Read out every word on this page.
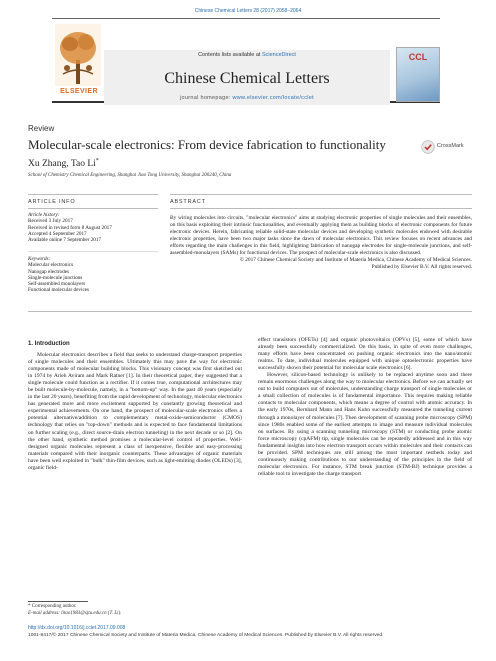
Chinese Chemical Letters 28 (2017) 2058–2064
Contents lists available at ScienceDirect
Chinese Chemical Letters
journal homepage: www.elsevier.com/locate/cclet
ELSEVIER
CCL
Review
Molecular-scale electronics: From device fabrication to functionality	CrossMark
Xu Zhang, Tao Li*
School of Chemistry Chemical Engineering, Shanghai Jiao Tong University, Shanghai 200240, China
ARTICLE INFO	ABSTRACT
Article history:
Received 3 July 2017
Received in revised form 8 August 2017
Accepted 4 September 2017
Available online 7 September 2017
Keywords:
Molecular electronics
Nanogap electrodes
Single-molecule junctions
Self-assembled monolayers
Functional molecular devices
By wiring molecules into circuits, "molecular electronics" aims at studying electronic properties of single molecules and their ensembles, on this basis exploiting their intrinsic functionalities, and eventually applying them as building blocks of electronic components for future electronic devices. Herein, fabricating reliable solid-state molecular devices and developing synthetic molecules endowed with desirable electronic properties, have been two major tasks since the dawn of molecular electronics. This review focuses on recent advances and efforts regarding the main challenges in this field, highlighting fabrication of nanogap electrodes for single-molecule junctions, and self-assembled-monolayers (SAMs) for functional devices. The prospect of molecular-scale electronics is also discussed.
© 2017 Chinese Chemical Society and Institute of Materia Medica, Chinese Academy of Medical Sciences.
Published by Elsevier B.V. All rights reserved.
1. Introduction

Molecular electronics describes a field that seeks to understand charge-transport properties of single molecules and their ensembles. Ultimately this may pave the way for electronic components made of molecular building blocks. This visionary concept was first sketched out in 1974 by Arieh Aviram and Mark Ratner [1]. In their theoretical paper, they suggested that a single molecule could function as a rectifier. If it comes true, computational architectures may be built molecule-by-molecule, namely, in a "bottom-up" way. In the past 40 years (especially in the last 20 years), benefiting from the rapid development of technology, molecular electronics has generated more and more excitement supported by constantly growing theoretical and experimental achievements. On one hand, the prospect of molecular-scale electronics offers a potential alternative/addition to complementary metal-oxide-semiconductor (CMOS) technology that relies on "top-down" methods and is expected to face fundamental limitations on further scaling (e.g., direct source-drain electron tunneling) in the next decade or so [2]. On the other hand, synthetic method promises a molecular-level control of properties. Well-designed organic molecules represent a class of inexpensive, flexible and easy-processing materials compared with their inorganic counterparts. These advantages of organic materials have been well exploited in "bulk" thin-film devices, such as light-emitting diodes (OLEDs) [3], organic field-

effect transistors (OFETs) [4] and organic photovoltaics (OPVs) [5], some of which have already been successfully commercialized. On this basis, in spite of even more challenges, many efforts have been concentrated on pushing organic electronics into the nano/atomic realms. To date, individual molecules equipped with unique optoelectronic properties have successfully shown their potential for molecular scale electronics [6].

However, silicon-based technology is unlikely to be replaced anytime soon and there remain enormous challenges along the way to molecular electronics. Before we can actually set out to build computers out of molecules, understanding charge transport of single molecules or a small collection of molecules is of fundamental importance. This requires making reliable contacts to molecular components, which means a degree of control with atomic accuracy. In the early 1970s, Bernhard Mann and Hans Kuhn successfully measured the tunneling current through a monolayer of molecules [7]. Then development of scanning probe microscopy (SPM) since 1980s enabled some of the earliest attempts to image and measure individual molecules on surfaces. By using a scanning tunneling microscopy (STM) or conducting probe atomic force microscopy (cpAFM) tip, single molecules can be repeatedly addressed and in this way fundamental insights into how electron transport occurs within molecules and their contacts can be provided. SPM techniques are still among the most important testbeds today and continuously making contributions to our understanding of the principles in the field of molecular electronics. For instance, STM break junction (STM-BJ) technique provides a reliable tool to investigate the charge transport

* Corresponding author.
E-mail address: litao1983@sjtu.edu.cn (T. Li).
http://dx.doi.org/10.1016/j.cclet.2017.09.008
1001-8417/© 2017 Chinese Chemical Society and Institute of Materia Medica, Chinese Academy of Medical Sciences. Published by Elsevier B.V. All rights reserved.
